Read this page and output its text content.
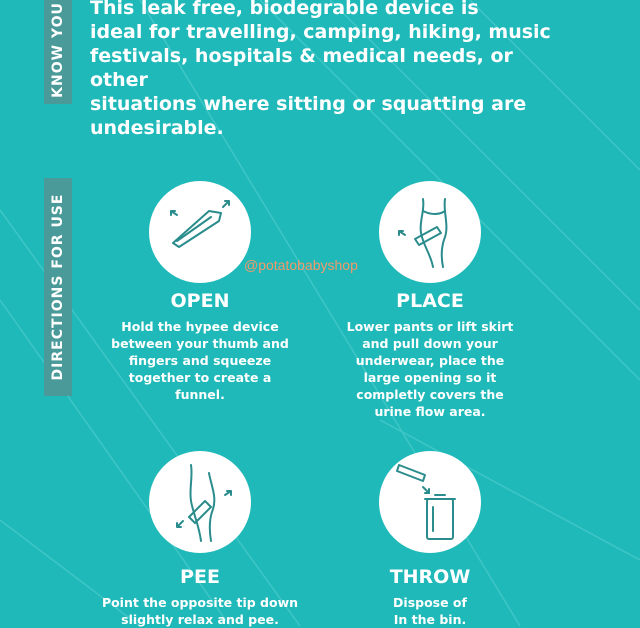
KNOW YOU This leak free, biodegrable device is
ideal for travelling, camping, hiking, music
festivals, hospitals & medical needs, or other
situations where sitting or squatting are
undesirable.
DIRECTIONS FOR USE	OPEN
Hold the hypee device
between your thumb and
fingers and squeeze
together to create a
funnel.
PLACE
Lower pants or lift skirt
and pull down your
underwear, place the
large opening so it
completly covers the
urine flow area.
PEE
Point the opposite tip down
slightly relax and pee.
THROW
Dispose of
In the bin.
@potatobabyshop
